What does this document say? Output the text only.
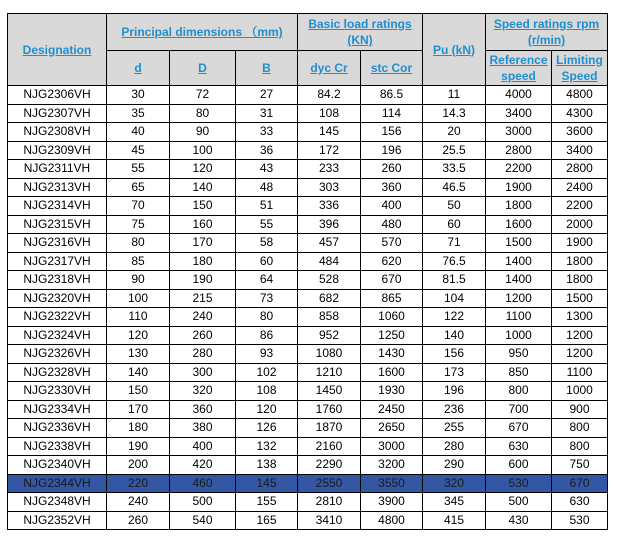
Designation	Principal dimensions （mm)			Basic load ratings (KN)		Pu (kN)	Speed ratings rpm (r/min)	
	d	D	B	dyc Cr	stc Cor		Reference speed	Limiting Speed
NJG2306VH	30	72	27	84.2	86.5	11	4000	4800
NJG2307VH	35	80	31	108	114	14.3	3400	4300
NJG2308VH	40	90	33	145	156	20	3000	3600
NJG2309VH	45	100	36	172	196	25.5	2800	3400
NJG2311VH	55	120	43	233	260	33.5	2200	2800
NJG2313VH	65	140	48	303	360	46.5	1900	2400
NJG2314VH	70	150	51	336	400	50	1800	2200
NJG2315VH	75	160	55	396	480	60	1600	2000
NJG2316VH	80	170	58	457	570	71	1500	1900
NJG2317VH	85	180	60	484	620	76.5	1400	1800
NJG2318VH	90	190	64	528	670	81.5	1400	1800
NJG2320VH	100	215	73	682	865	104	1200	1500
NJG2322VH	110	240	80	858	1060	122	1100	1300
NJG2324VH	120	260	86	952	1250	140	1000	1200
NJG2326VH	130	280	93	1080	1430	156	950	1200
NJG2328VH	140	300	102	1210	1600	173	850	1100
NJG2330VH	150	320	108	1450	1930	196	800	1000
NJG2334VH	170	360	120	1760	2450	236	700	900
NJG2336VH	180	380	126	1870	2650	255	670	800
NJG2338VH	190	400	132	2160	3000	280	630	800
NJG2340VH	200	420	138	2290	3200	290	600	750
NJG2344VH	220	460	145	2550	3550	320	530	670
NJG2348VH	240	500	155	2810	3900	345	500	630
NJG2352VH	260	540	165	3410	4800	415	430	530
